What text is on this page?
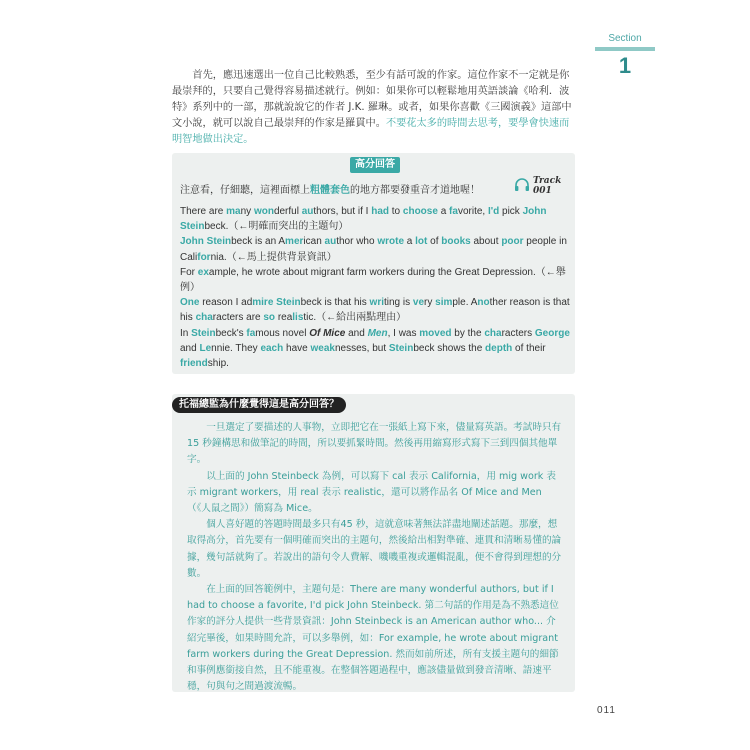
Section
1

首先，應迅速選出一位自己比較熟悉，至少有話可說的作家。這位作家不一定就是你最崇拜的，只要自己覺得容易描述就行。例如：如果你可以輕鬆地用英語談論《哈利．波特》系列中的一部，那就說說它的作者 J.K. 羅琳。或者，如果你喜歡《三國演義》這部中文小說，就可以說自己最崇拜的作家是羅貫中。不要花太多的時間去思考，要學會快速而明智地做出決定。

高分回答
注意看，仔細聽，這裡面標上粗體套色的地方都要發重音才道地喔！
Track 001
There are many wonderful authors, but if I had to choose a favorite, I'd pick John Steinbeck.（←明確而突出的主題句）
John Steinbeck is an American author who wrote a lot of books about poor people in California.（←馬上提供背景資訊）
For example, he wrote about migrant farm workers during the Great Depression.（←舉例）
One reason I admire Steinbeck is that his writing is very simple. Another reason is that his characters are so realistic.（←給出兩點理由）
In Steinbeck's famous novel Of Mice and Men, I was moved by the characters George and Lennie. They each have weaknesses, but Steinbeck shows the depth of their friendship.
托福總監為什麼覺得這是高分回答？

一旦選定了要描述的人事物，立即把它在一張紙上寫下來，儘量寫英語。考試時只有 15 秒鐘構思和做筆記的時間，所以要抓緊時間。然後再用縮寫形式寫下三到四個其他單字。

以上面的 John Steinbeck 為例，可以寫下 cal 表示 California，用 mig work 表示 migrant workers，用 real 表示 realistic，還可以將作品名 Of Mice and Men（《人鼠之間》）簡寫為 Mice。

個人喜好題的答題時間最多只有45 秒，這就意味著無法詳盡地闡述話題。那麼，想取得高分，首先要有一個明確而突出的主題句，然後給出相對準確、連貫和清晰易懂的論據，幾句話就夠了。若說出的語句令人費解、嘰嘰重複或邏輯混亂，便不會得到理想的分數。

在上面的回答範例中，主題句是：There are many wonderful authors, but if I had to choose a favorite, I'd pick John Steinbeck. 第二句話的作用是為不熟悉這位作家的評分人提供一些背景資訊：John Steinbeck is an American author who... 介紹完畢後，如果時間允許，可以多舉例，如：For example, he wrote about migrant farm workers during the Great Depression. 然而如前所述，所有支援主題句的細節和事例應銜接自然，且不能重複。在整個答題過程中，應該儘量做到發音清晰、語速平穩，句與句之間過渡流暢。

011
